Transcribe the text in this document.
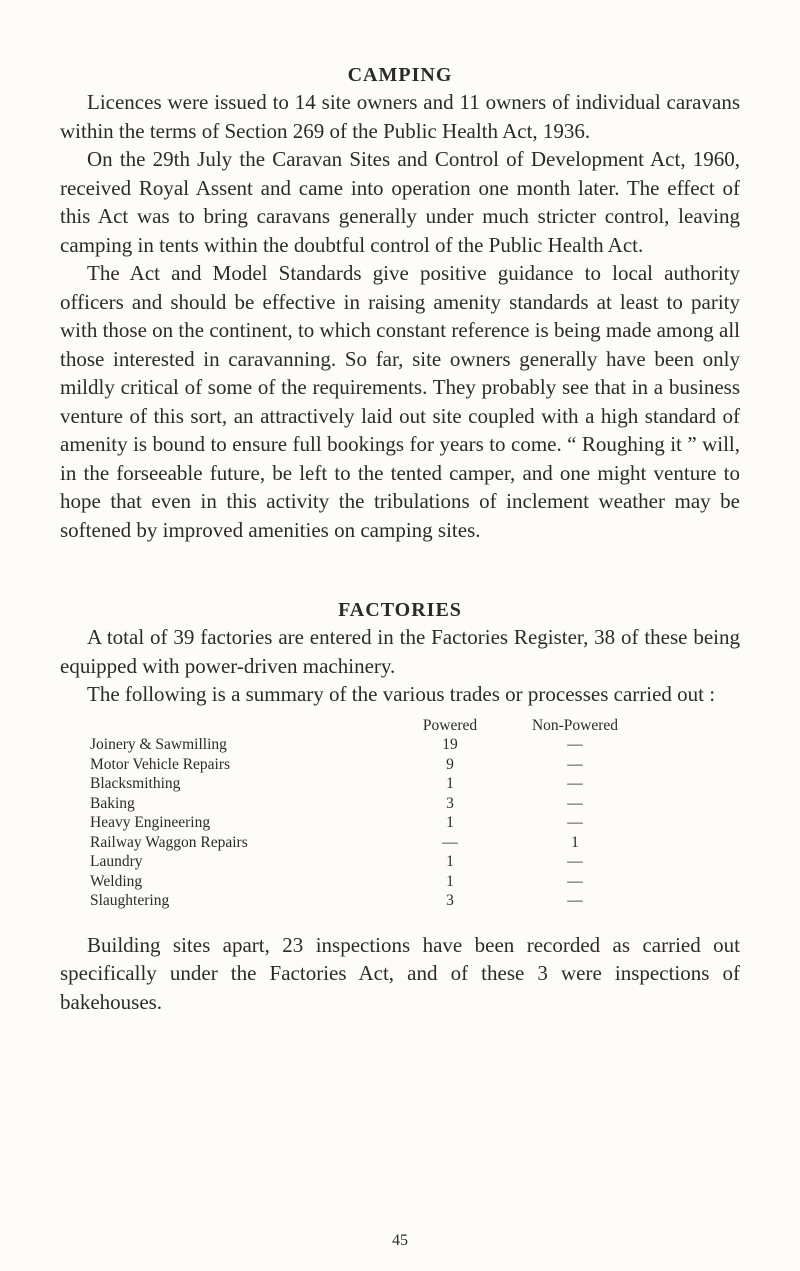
CAMPING

Licences were issued to 14 site owners and 11 owners of individual caravans within the terms of Section 269 of the Public Health Act, 1936.

On the 29th July the Caravan Sites and Control of Development Act, 1960, received Royal Assent and came into operation one month later. The effect of this Act was to bring caravans generally under much stricter control, leaving camping in tents within the doubtful control of the Public Health Act.

The Act and Model Standards give positive guidance to local authority officers and should be effective in raising amenity standards at least to parity with those on the continent, to which constant reference is being made among all those interested in caravanning. So far, site owners generally have been only mildly critical of some of the requirements. They probably see that in a business venture of this sort, an attractively laid out site coupled with a high standard of amenity is bound to ensure full bookings for years to come. “ Roughing it ” will, in the forseeable future, be left to the tented camper, and one might venture to hope that even in this activity the tribulations of inclement weather may be softened by improved amenities on camping sites.

FACTORIES

A total of 39 factories are entered in the Factories Register, 38 of these being equipped with power-driven machinery.

The following is a summary of the various trades or processes carried out :

Powered	Non-Powered
Joinery & Sawmilling	19	—
Motor Vehicle Repairs	9	—
Blacksmithing	1	—
Baking	3	—
Heavy Engineering	1	—
Railway Waggon Repairs	—	1
Laundry	1	—
Welding	1	—
Slaughtering	3	—

Building sites apart, 23 inspections have been recorded as carried out specifically under the Factories Act, and of these 3 were inspections of bakehouses.

45
